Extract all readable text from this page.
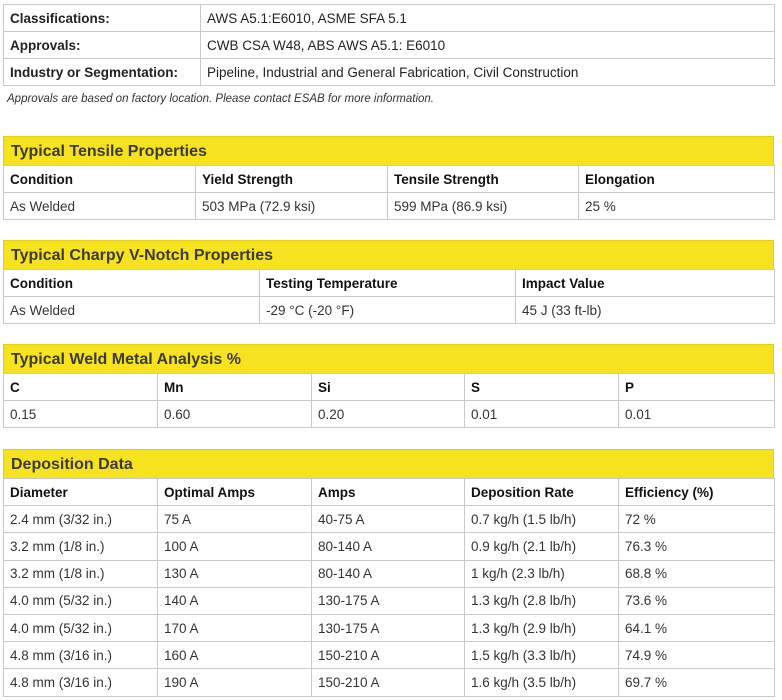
Classifications:	AWS A5.1:E6010, ASME SFA 5.1
Approvals:	CWB CSA W48, ABS AWS A5.1: E6010
Industry or Segmentation:	Pipeline, Industrial and General Fabrication, Civil Construction
Approvals are based on factory location. Please contact ESAB for more information.
Typical Tensile Properties
Condition	Yield Strength	Tensile Strength	Elongation
As Welded	503 MPa (72.9 ksi)	599 MPa (86.9 ksi)	25 %
Typical Charpy V-Notch Properties
Condition	Testing Temperature	Impact Value
As Welded	-29 °C (-20 °F)	45 J (33 ft-lb)
Typical Weld Metal Analysis %
C	Mn	Si	S	P
0.15	0.60	0.20	0.01	0.01
Deposition Data
Diameter	Optimal Amps	Amps	Deposition Rate	Efficiency (%)
2.4 mm (3/32 in.)	75 A	40-75 A	0.7 kg/h (1.5 lb/h)	72 %
3.2 mm (1/8 in.)	100 A	80-140 A	0.9 kg/h (2.1 lb/h)	76.3 %
3.2 mm (1/8 in.)	130 A	80-140 A	1 kg/h (2.3 lb/h)	68.8 %
4.0 mm (5/32 in.)	140 A	130-175 A	1.3 kg/h (2.8 lb/h)	73.6 %
4.0 mm (5/32 in.)	170 A	130-175 A	1.3 kg/h (2.9 lb/h)	64.1 %
4.8 mm (3/16 in.)	160 A	150-210 A	1.5 kg/h (3.3 lb/h)	74.9 %
4.8 mm (3/16 in.)	190 A	150-210 A	1.6 kg/h (3.5 lb/h)	69.7 %
